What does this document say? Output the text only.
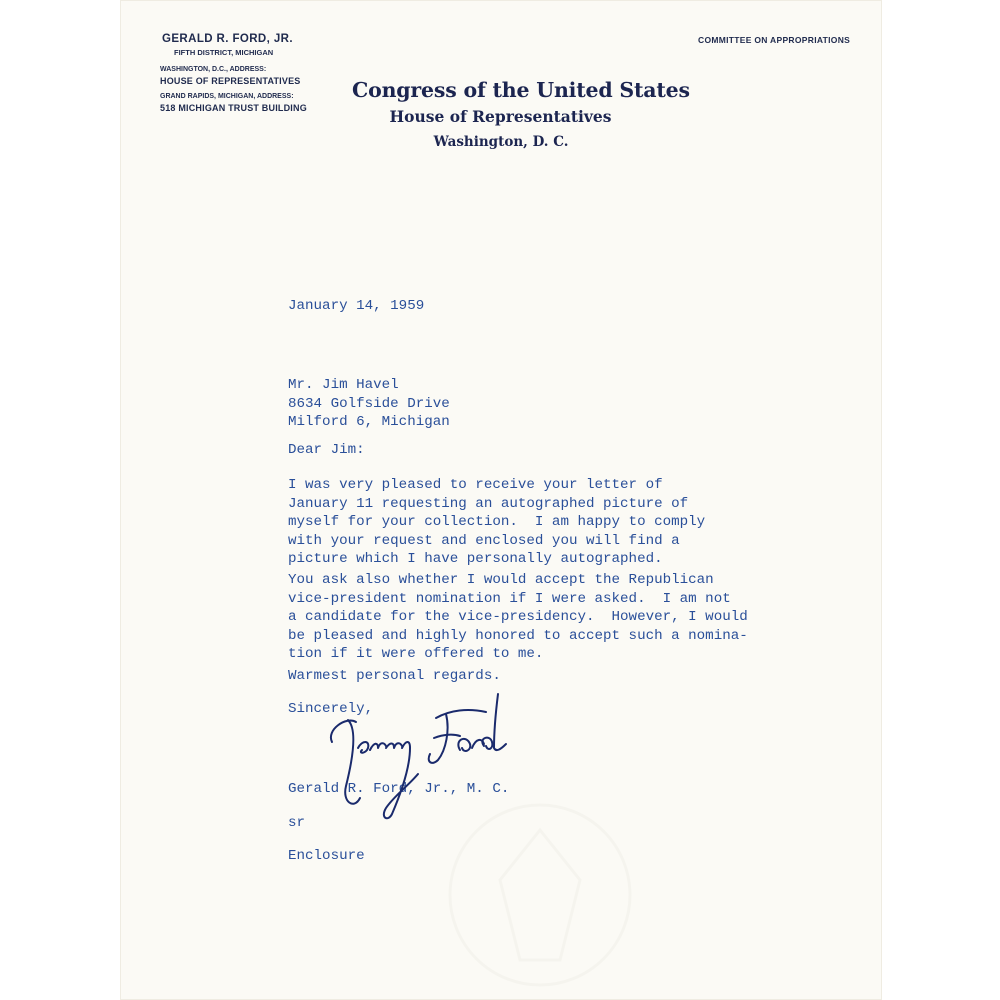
GERALD R. FORD, JR.
FIFTH DISTRICT, MICHIGAN
WASHINGTON, D.C., ADDRESS:
HOUSE OF REPRESENTATIVES
GRAND RAPIDS, MICHIGAN, ADDRESS:
518 MICHIGAN TRUST BUILDING
COMMITTEE ON APPROPRIATIONS
Congress of the United States
House of Representatives
Washington, D. C.
January 14, 1959
Mr. Jim Havel
8634 Golfside Drive
Milford 6, Michigan
Dear Jim:
I was very pleased to receive your letter of
January 11 requesting an autographed picture of
myself for your collection.  I am happy to comply
with your request and enclosed you will find a
picture which I have personally autographed.
You ask also whether I would accept the Republican
vice-president nomination if I were asked.  I am not
a candidate for the vice-presidency.  However, I would
be pleased and highly honored to accept such a nomina-
tion if it were offered to me.
Warmest personal regards.
Sincerely,
Gerald R. Ford, Jr., M. C.
sr
Enclosure
